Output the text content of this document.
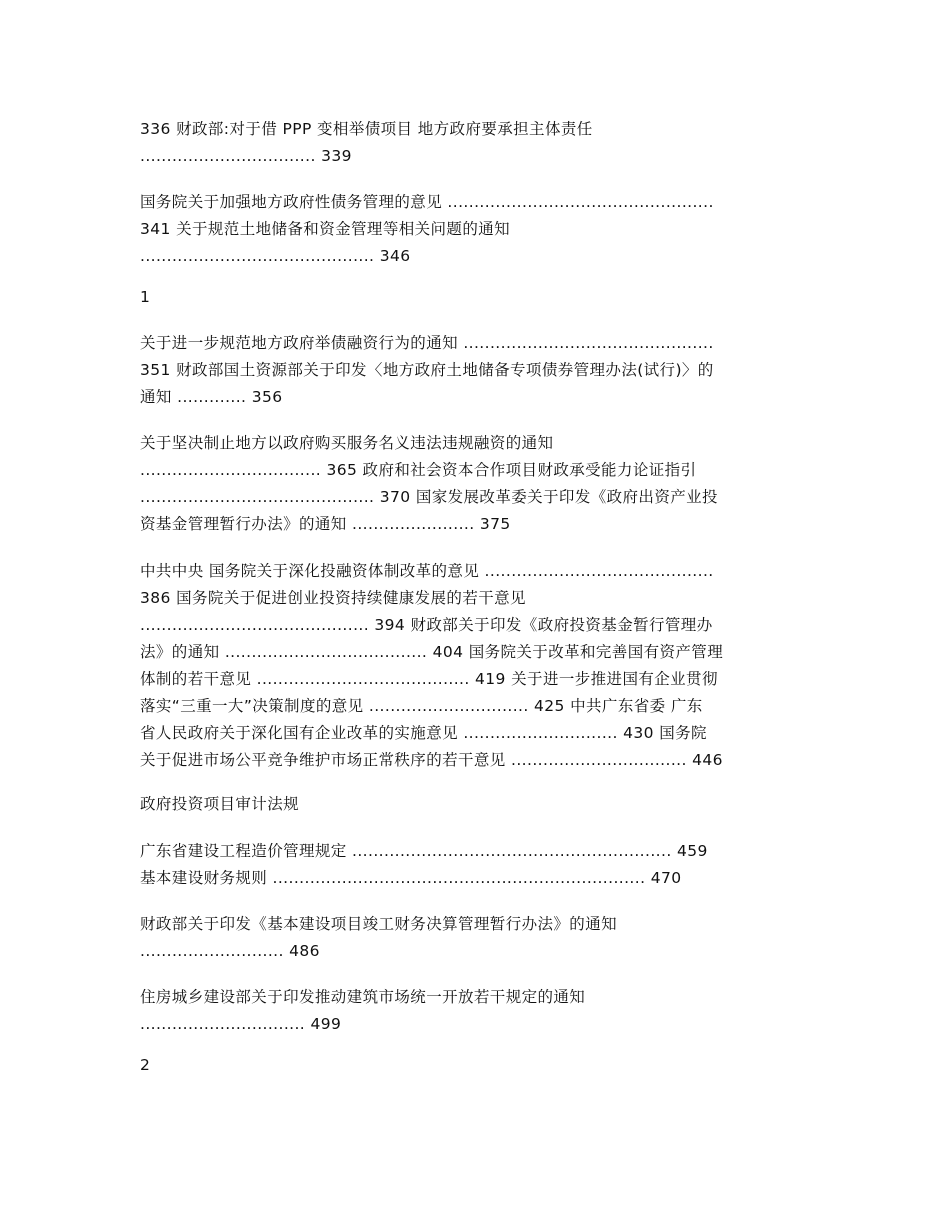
336 财政部:对于借 PPP 变相举债项目 地方政府要承担主体责任
................................. 339
国务院关于加强地方政府性债务管理的意见 ..................................................
341 关于规范土地储备和资金管理等相关问题的通知
............................................ 346
1
关于进一步规范地方政府举债融资行为的通知 ...............................................
351 财政部国土资源部关于印发〈地方政府土地储备专项债券管理办法(试行)〉的
通知 ............. 356
关于坚决制止地方以政府购买服务名义违法违规融资的通知
.................................. 365 政府和社会资本合作项目财政承受能力论证指引
............................................ 370 国家发展改革委关于印发《政府出资产业投
资基金管理暂行办法》的通知 ....................... 375
中共中央 国务院关于深化投融资体制改革的意见 ...........................................
386 国务院关于促进创业投资持续健康发展的若干意见
........................................... 394 财政部关于印发《政府投资基金暂行管理办
法》的通知 ...................................... 404 国务院关于改革和完善国有资产管理
体制的若干意见 ........................................ 419 关于进一步推进国有企业贯彻
落实“三重一大”决策制度的意见 .............................. 425 中共广东省委 广东
省人民政府关于深化国有企业改革的实施意见 ............................. 430 国务院
关于促进市场公平竞争维护市场正常秩序的若干意见 ................................. 446
政府投资项目审计法规
广东省建设工程造价管理规定 ............................................................ 459
基本建设财务规则 ...................................................................... 470
财政部关于印发《基本建设项目竣工财务决算管理暂行办法》的通知
........................... 486
住房城乡建设部关于印发推动建筑市场统一开放若干规定的通知
............................... 499
2
